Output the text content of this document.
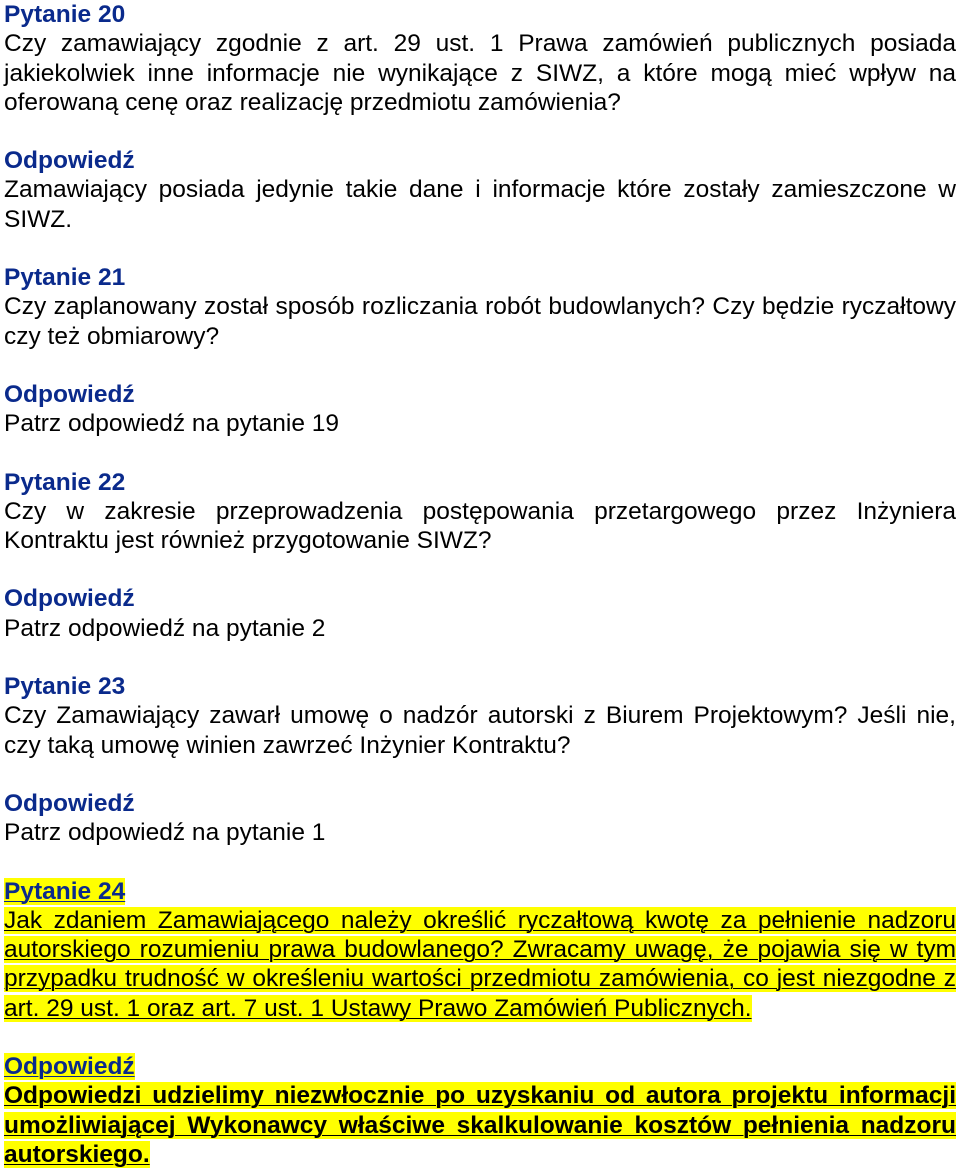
Pytanie 20

Czy zamawiający zgodnie z art. 29 ust. 1 Prawa zamówień publicznych posiada jakiekolwiek inne informacje nie wynikające z SIWZ, a które mogą mieć wpływ na oferowaną cenę oraz realizację przedmiotu zamówienia?

Odpowiedź

Zamawiający posiada jedynie takie dane i informacje które zostały zamieszczone w SIWZ.

Pytanie 21

Czy zaplanowany został sposób rozliczania robót budowlanych? Czy będzie ryczałtowy czy też obmiarowy?

Odpowiedź

Patrz odpowiedź na pytanie 19

Pytanie 22

Czy w zakresie przeprowadzenia postępowania przetargowego przez Inżyniera Kontraktu jest również przygotowanie SIWZ?

Odpowiedź

Patrz odpowiedź na pytanie 2

Pytanie 23

Czy Zamawiający zawarł umowę o nadzór autorski z Biurem Projektowym? Jeśli nie, czy taką umowę winien zawrzeć Inżynier Kontraktu?

Odpowiedź

Patrz odpowiedź na pytanie 1

Pytanie 24

Jak zdaniem Zamawiającego należy określić ryczałtową kwotę za pełnienie nadzoru autorskiego rozumieniu prawa budowlanego? Zwracamy uwagę, że pojawia się w tym przypadku trudność w określeniu wartości przedmiotu zamówienia, co jest niezgodne z art. 29 ust. 1 oraz art. 7 ust. 1 Ustawy Prawo Zamówień Publicznych.

Odpowiedź

Odpowiedzi udzielimy niezwłocznie po uzyskaniu od autora projektu informacji umożliwiającej Wykonawcy właściwe skalkulowanie kosztów pełnienia nadzoru autorskiego.
